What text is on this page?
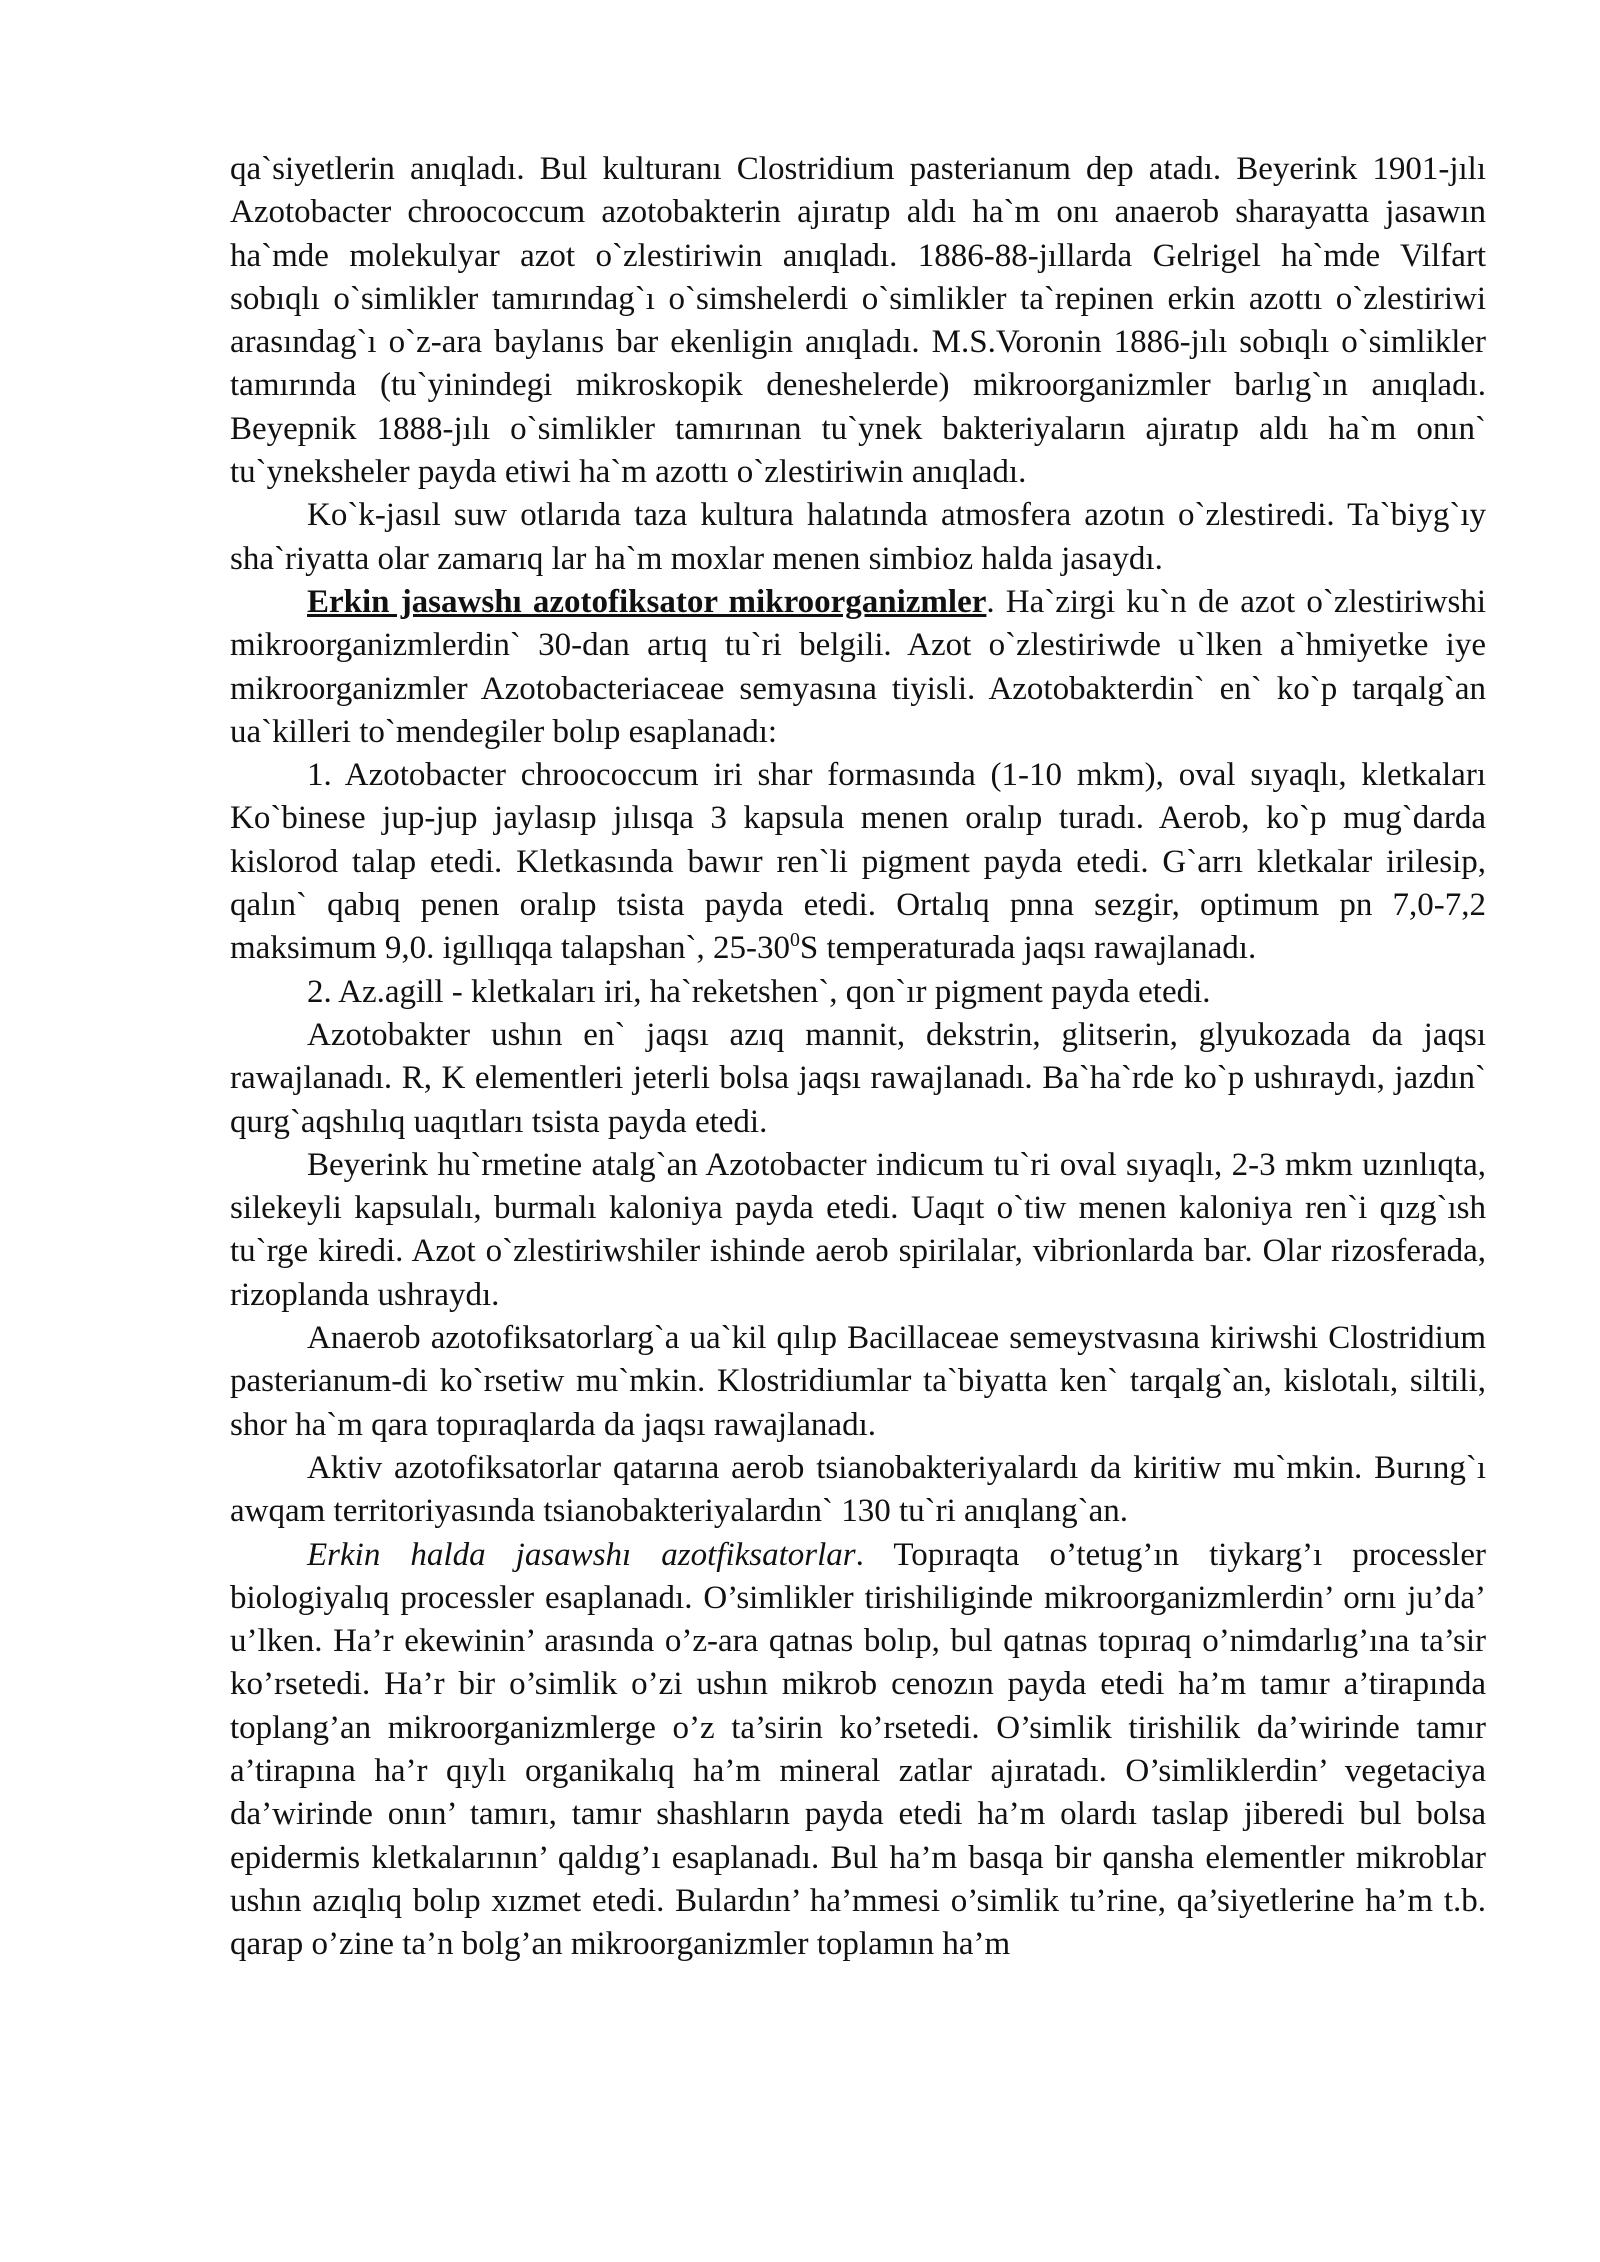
qa`siyetlerin anıqladı. Bul kulturanı Clostridium pasterianum dep atadı. Beyerink 1901-jılı Azotobacter chroococcum azotobakterin ajıratıp aldı ha`m onı anaerob sharayatta jasawın ha`mde molekulyar azot o`zlestiriwin anıqladı. 1886-88-jıllarda Gelrigel ha`mde Vilfart sobıqlı o`simlikler tamırındag`ı o`simshelerdi o`simlikler ta`repinen erkin azottı o`zlestiriwi arasındag`ı o`z-ara baylanıs bar ekenligin anıqladı. M.S.Voronin 1886-jılı sobıqlı o`simlikler tamırında (tu`yinindegi mikroskopik deneshelerde) mikroorganizmler barlıg`ın anıqladı. Beyepnik 1888-jılı o`simlikler tamırınan tu`ynek bakteriyaların ajıratıp aldı ha`m onın` tu`yneksheler payda etiwi ha`m azottı o`zlestiriwin anıqladı.

Ko`k-jasıl suw otlarıda taza kultura halatında atmosfera azotın o`zlestiredi. Ta`biyg`ıy sha`riyatta olar zamarıq lar ha`m moxlar menen simbioz halda jasaydı.

Erkin jasawshı azotofiksator mikroorganizmler. Ha`zirgi ku`n de azot o`zlestiriwshi mikroorganizmlerdin` 30-dan artıq tu`ri belgili. Azot o`zlestiriwde u`lken a`hmiyetke iye mikroorganizmler Azotobacteriaceae semyasına tiyisli. Azotobakterdin` en` ko`p tarqalg`an ua`killeri to`mendegiler bolıp esaplanadı:

1. Azotobacter chroococcum iri shar formasında (1-10 mkm), oval sıyaqlı, kletkaları Ko`binese jup-jup jaylasıp jılısqa 3 kapsula menen oralıp turadı. Aerob, ko`p mug`darda kislorod talap etedi. Kletkasında bawır ren`li pigment payda etedi. G`arrı kletkalar irilesip, qalın` qabıq penen oralıp tsista payda etedi. Ortalıq pnna sezgir, optimum pn 7,0-7,2 maksimum 9,0. igıllıqqa talapshan`, $25-30^0S$ temperaturada jaqsı rawajlanadı.

2. Az.agill - kletkaları iri, ha`reketshen`, qon`ır pigment payda etedi.

Azotobakter ushın en` jaqsı azıq mannit, dekstrin, glitserin, glyukozada da jaqsı rawajlanadı. R, K elementleri jeterli bolsa jaqsı rawajlanadı. Ba`ha`rde ko`p ushıraydı, jazdın` qurg`aqshılıq uaqıtları tsista payda etedi.

Beyerink hu`rmetine atalg`an Azotobacter indicum tu`ri oval sıyaqlı, 2-3 mkm uzınlıqta, silekeyli kapsulalı, burmalı kaloniya payda etedi. Uaqıt o`tiw menen kaloniya ren`i qızg`ısh tu`rge kiredi. Azot o`zlestiriwshiler ishinde aerob spirilalar, vibrionlarda bar. Olar rizosferada, rizoplanda ushraydı.

Anaerob azotofiksatorlarg`a ua`kil qılıp Bacillaceae semeystvasına kiriwshi Clostridium pasterianum-di ko`rsetiw mu`mkin. Klostridiumlar ta`biyatta ken` tarqalg`an, kislotalı, siltili, shor ha`m qara topıraqlarda da jaqsı rawajlanadı.

Aktiv azotofiksatorlar qatarına aerob tsianobakteriyalardı da kiritiw mu`mkin. Burıng`ı awqam territoriyasında tsianobakteriyalardın` 130 tu`ri anıqlang`an.

Erkin halda jasawshı azotfiksatorlar. Topıraqta o’tetug’ın tiykarg’ı processler biologiyalıq processler esaplanadı. O’simlikler tirishiliginde mikroorganizmlerdin’ ornı ju’da’ u’lken. Ha’r ekewinin’ arasında o’z-ara qatnas bolıp, bul qatnas topıraq o’nimdarlıg’ına ta’sir ko’rsetedi. Ha’r bir o’simlik o’zi ushın mikrob cenozın payda etedi ha’m tamır a’tirapında toplang’an mikroorganizmlerge o’z ta’sirin ko’rsetedi. O’simlik tirishilik da’wirinde tamır a’tirapına ha’r qıylı organikalıq ha’m mineral zatlar ajıratadı. O’simliklerdin’ vegetaciya da’wirinde onın’ tamırı, tamır shashların payda etedi ha’m olardı taslap jiberedi bul bolsa epidermis kletkalarının’ qaldıg’ı esaplanadı. Bul ha’m basqa bir qansha elementler mikroblar ushın azıqlıq bolıp xızmet etedi. Bulardın’ ha’mmesi o’simlik tu’rine, qa’siyetlerine ha’m t.b. qarap o’zine ta’n bolg’an mikroorganizmler toplamın ha’m
